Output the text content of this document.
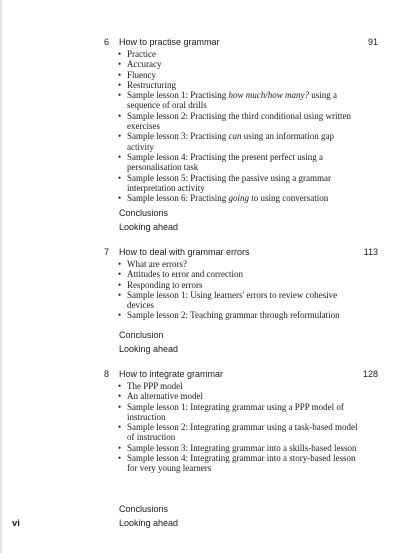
6 How to practise grammar	91
• Practice
• Accuracy
• Fluency
• Restructuring
• Sample lesson 1: Practising how much/how many? using a sequence of oral drills
• Sample lesson 2: Practising the third conditional using written exercises
• Sample lesson 3: Practising can using an information gap activity
• Sample lesson 4: Practising the present perfect using a personalisation task
• Sample lesson 5: Practising the passive using a grammar interpretation activity
• Sample lesson 6: Practising going to using conversation
Conclusions
Looking ahead
7 How to deal with grammar errors	113
• What are errors?
• Attitudes to error and correction
• Responding to errors
• Sample lesson 1: Using learners' errors to review cohesive devices
• Sample lesson 2: Teaching grammar through reformulation
Conclusion
Looking ahead
8 How to integrate grammar	128
• The PPP model
• An alternative model
• Sample lesson 1: Integrating grammar using a PPP model of instruction
• Sample lesson 2: Integrating grammar using a task-based model of instruction
• Sample lesson 3: Integrating grammar into a skills-based lesson
• Sample lesson 4: Integrating grammar into a story-based lesson for very young learners
Conclusions
Looking ahead
vi
